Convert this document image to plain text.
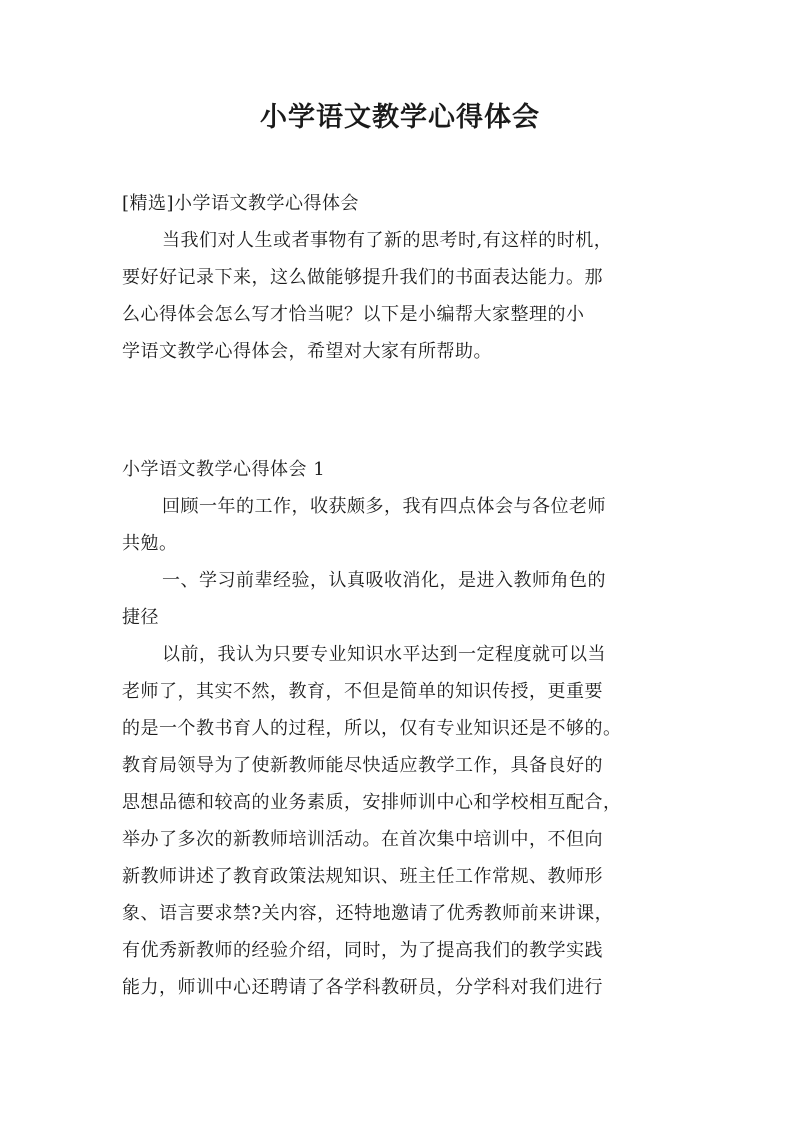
小学语文教学心得体会
[精选]小学语文教学心得体会
当我们对人生或者事物有了新的思考时,有这样的时机，
要好好记录下来，这么做能够提升我们的书面表达能力。那
么心得体会怎么写才恰当呢？以下是小编帮大家整理的小
学语文教学心得体会，希望对大家有所帮助。
小学语文教学心得体会 1
回顾一年的工作，收获颇多，我有四点体会与各位老师
共勉。
一、学习前辈经验，认真吸收消化，是进入教师角色的
捷径
以前，我认为只要专业知识水平达到一定程度就可以当
老师了，其实不然，教育，不但是简单的知识传授，更重要
的是一个教书育人的过程，所以，仅有专业知识还是不够的。
教育局领导为了使新教师能尽快适应教学工作，具备良好的
思想品德和较高的业务素质，安排师训中心和学校相互配合，
举办了多次的新教师培训活动。在首次集中培训中，不但向
新教师讲述了教育政策法规知识、班主任工作常规、教师形
象、语言要求禁?关内容，还特地邀请了优秀教师前来讲课，
有优秀新教师的经验介绍，同时，为了提高我们的教学实践
能力，师训中心还聘请了各学科教研员，分学科对我们进行
